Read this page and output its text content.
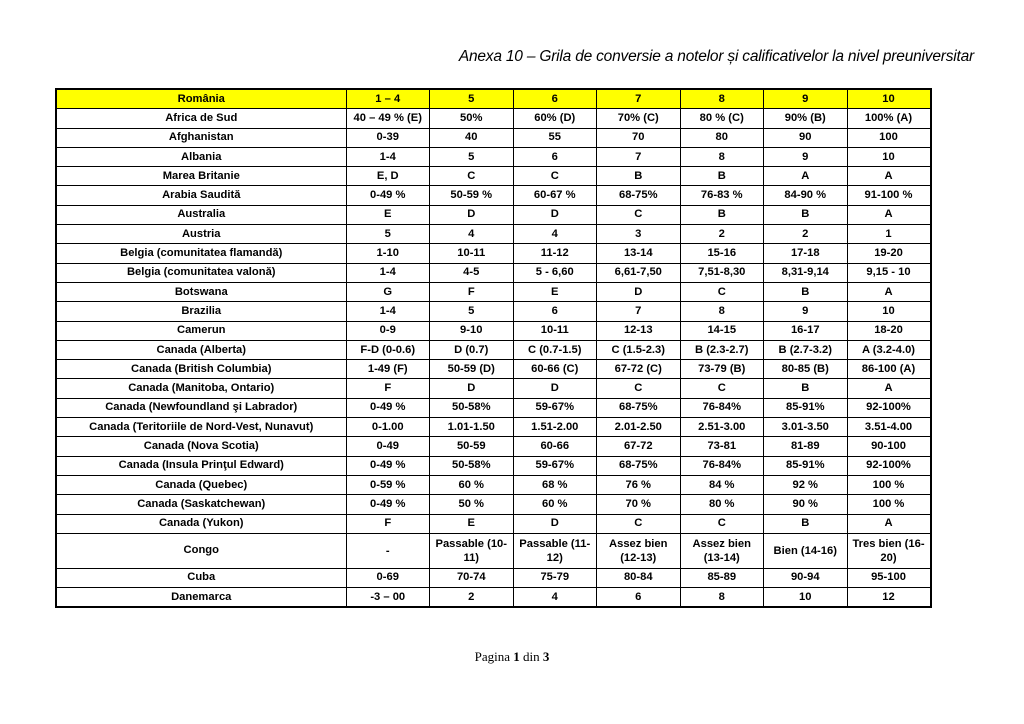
Anexa 10 – Grila de conversie a notelor și calificativelor la nivel preuniversitar
România	1 – 4	5	6	7	8	9	10
Africa de Sud	40 – 49 % (E)	50%	60% (D)	70% (C)	80 % (C)	90% (B)	100% (A)
Afghanistan	0-39	40	55	70	80	90	100
Albania	1-4	5	6	7	8	9	10
Marea Britanie	E, D	C	C	B	B	A	A
Arabia Saudită	0-49 %	50-59 %	60-67 %	68-75%	76-83 %	84-90 %	91-100 %
Australia	E	D	D	C	B	B	A
Austria	5	4	4	3	2	2	1
Belgia (comunitatea flamandă)	1-10	10-11	11-12	13-14	15-16	17-18	19-20
Belgia (comunitatea valonă)	1-4	4-5	5 - 6,60	6,61-7,50	7,51-8,30	8,31-9,14	9,15 - 10
Botswana	G	F	E	D	C	B	A
Brazilia	1-4	5	6	7	8	9	10
Camerun	0-9	9-10	10-11	12-13	14-15	16-17	18-20
Canada (Alberta)	F-D (0-0.6)	D (0.7)	C (0.7-1.5)	C (1.5-2.3)	B (2.3-2.7)	B (2.7-3.2)	A (3.2-4.0)
Canada (British Columbia)	1-49 (F)	50-59 (D)	60-66 (C)	67-72 (C)	73-79 (B)	80-85 (B)	86-100 (A)
Canada (Manitoba, Ontario)	F	D	D	C	C	B	A
Canada (Newfoundland şi Labrador)	0-49 %	50-58%	59-67%	68-75%	76-84%	85-91%	92-100%
Canada (Teritoriile de Nord-Vest, Nunavut)	0-1.00	1.01-1.50	1.51-2.00	2.01-2.50	2.51-3.00	3.01-3.50	3.51-4.00
Canada (Nova Scotia)	0-49	50-59	60-66	67-72	73-81	81-89	90-100
Canada (Insula Prinţul Edward)	0-49 %	50-58%	59-67%	68-75%	76-84%	85-91%	92-100%
Canada (Quebec)	0-59 %	60 %	68 %	76 %	84 %	92 %	100 %
Canada (Saskatchewan)	0-49 %	50 %	60 %	70 %	80 %	90 %	100 %
Canada (Yukon)	F	E	D	C	C	B	A
Congo	-	Passable (10-11)	Passable (11-12)	Assez bien (12-13)	Assez bien (13-14)	Bien (14-16)	Tres bien (16-20)
Cuba	0-69	70-74	75-79	80-84	85-89	90-94	95-100
Danemarca	-3 – 00	2	4	6	8	10	12
Pagina 1 din 3
